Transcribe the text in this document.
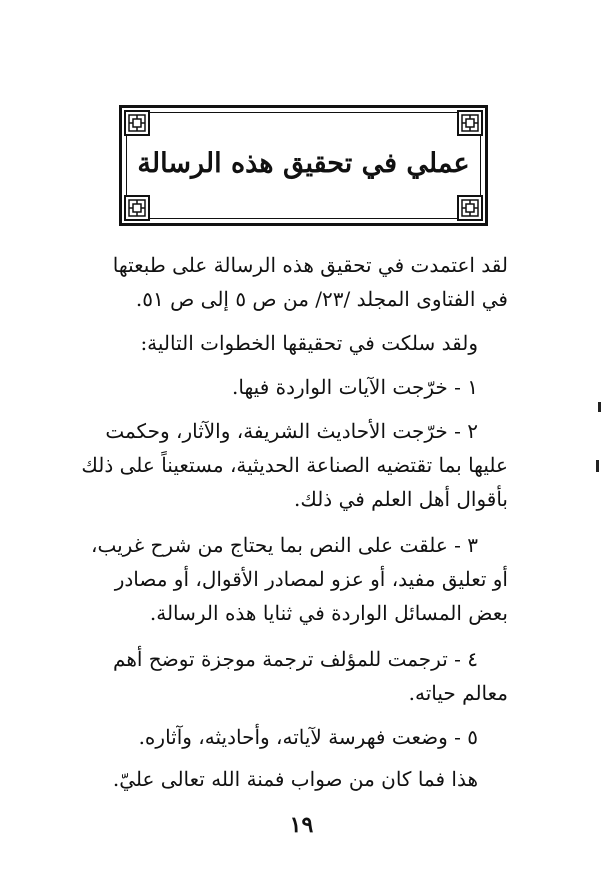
عملي في تحقيق هذه الرسالة
لقد اعتمدت في تحقيق هذه الرسالة على طبعتها
في الفتاوى المجلد /٢٣/ من ص ٥ إلى ص ٥١.
ولقد سلكت في تحقيقها الخطوات التالية:
١ - خرّجت الآيات الواردة فيها.
٢ - خرّجت الأحاديث الشريفة، والآثار، وحكمت
عليها بما تقتضيه الصناعة الحديثية، مستعيناً على ذلك
بأقوال أهل العلم في ذلك.
٣ - علقت على النص بما يحتاج من شرح غريب،
أو تعليق مفيد، أو عزو لمصادر الأقوال، أو مصادر
بعض المسائل الواردة في ثنايا هذه الرسالة.
٤ - ترجمت للمؤلف ترجمة موجزة توضح أهم
معالم حياته.
٥ - وضعت فهرسة لآياته، وأحاديثه، وآثاره.
هذا فما كان من صواب فمنة الله تعالى عليّ.
١٩
